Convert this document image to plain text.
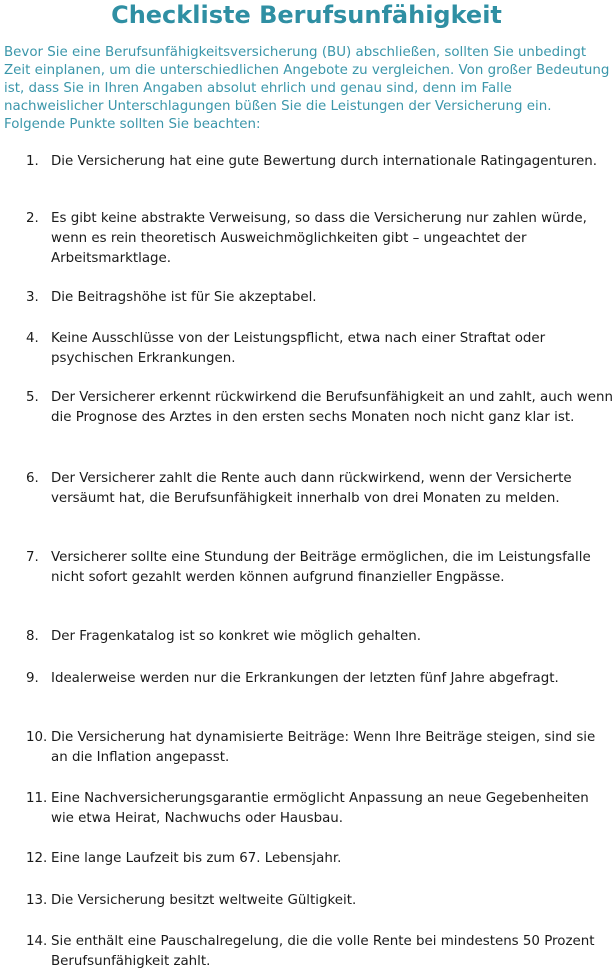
Checkliste Berufsunfähigkeit

Bevor Sie eine Berufsunfähigkeitsversicherung (BU) abschließen, sollten Sie unbedingt Zeit einplanen, um die unterschiedlichen Angebote zu vergleichen. Von großer Bedeutung ist, dass Sie in Ihren Angaben absolut ehrlich und genau sind, denn im Falle nachweislicher Unterschlagungen büßen Sie die Leistungen der Versicherung ein. Folgende Punkte sollten Sie beachten:

1. Die Versicherung hat eine gute Bewertung durch internationale Ratingagenturen.
2. Es gibt keine abstrakte Verweisung, so dass die Versicherung nur zahlen würde, wenn es rein theoretisch Ausweichmöglichkeiten gibt – ungeachtet der Arbeitsmarktlage.
3. Die Beitragshöhe ist für Sie akzeptabel.
4. Keine Ausschlüsse von der Leistungspflicht, etwa nach einer Straftat oder psychischen Erkrankungen.
5. Der Versicherer erkennt rückwirkend die Berufsunfähigkeit an und zahlt, auch wenn die Prognose des Arztes in den ersten sechs Monaten noch nicht ganz klar ist.
6. Der Versicherer zahlt die Rente auch dann rückwirkend, wenn der Versicherte versäumt hat, die Berufsunfähigkeit innerhalb von drei Monaten zu melden.
7. Versicherer sollte eine Stundung der Beiträge ermöglichen, die im Leistungsfalle nicht sofort gezahlt werden können aufgrund finanzieller Engpässe.
8. Der Fragenkatalog ist so konkret wie möglich gehalten.
9. Idealerweise werden nur die Erkrankungen der letzten fünf Jahre abgefragt.
10. Die Versicherung hat dynamisierte Beiträge: Wenn Ihre Beiträge steigen, sind sie an die Inflation angepasst.
11. Eine Nachversicherungsgarantie ermöglicht Anpassung an neue Gegebenheiten wie etwa Heirat, Nachwuchs oder Hausbau.
12. Eine lange Laufzeit bis zum 67. Lebensjahr.
13. Die Versicherung besitzt weltweite Gültigkeit.
14. Sie enthält eine Pauschalregelung, die die volle Rente bei mindestens 50 Prozent Berufsunfähigkeit zahlt.
